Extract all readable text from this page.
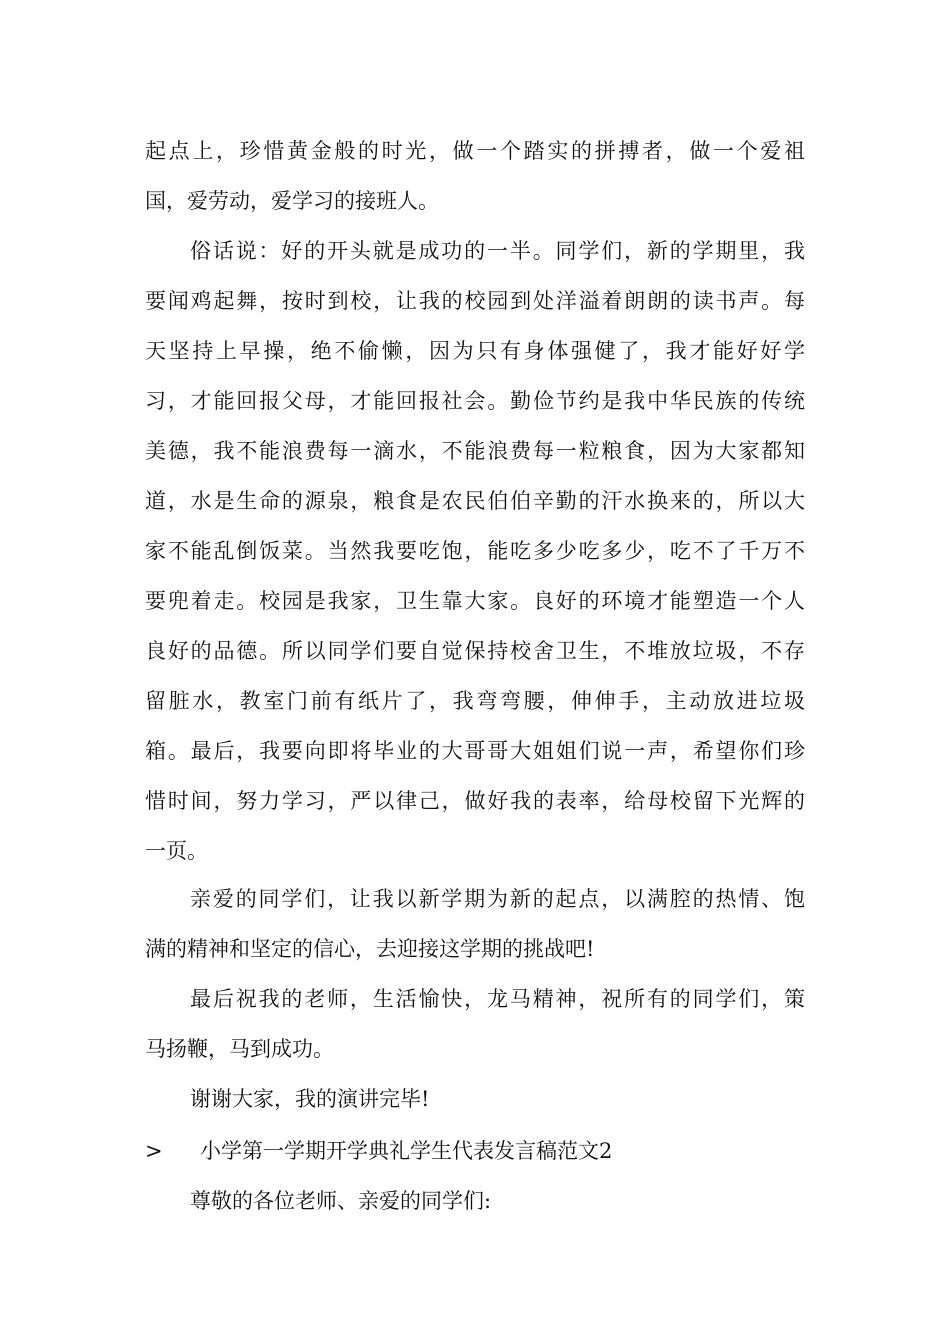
起点上，珍惜黄金般的时光，做一个踏实的拼搏者，做一个爱祖
国，爱劳动，爱学习的接班人。
俗话说：好的开头就是成功的一半。同学们，新的学期里，我
要闻鸡起舞，按时到校，让我的校园到处洋溢着朗朗的读书声。每
天坚持上早操，绝不偷懒，因为只有身体强健了，我才能好好学
习，才能回报父母，才能回报社会。勤俭节约是我中华民族的传统
美德，我不能浪费每一滴水，不能浪费每一粒粮食，因为大家都知
道，水是生命的源泉，粮食是农民伯伯辛勤的汗水换来的，所以大
家不能乱倒饭菜。当然我要吃饱，能吃多少吃多少，吃不了千万不
要兜着走。校园是我家，卫生靠大家。良好的环境才能塑造一个人
良好的品德。所以同学们要自觉保持校舍卫生，不堆放垃圾，不存
留脏水，教室门前有纸片了，我弯弯腰，伸伸手，主动放进垃圾
箱。最后，我要向即将毕业的大哥哥大姐姐们说一声，希望你们珍
惜时间，努力学习，严以律己，做好我的表率，给母校留下光辉的
一页。
亲爱的同学们，让我以新学期为新的起点，以满腔的热情、饱
满的精神和坚定的信心，去迎接这学期的挑战吧!
最后祝我的老师，生活愉快，龙马精神，祝所有的同学们，策
马扬鞭，马到成功。
谢谢大家，我的演讲完毕!
> 小学第一学期开学典礼学生代表发言稿范文2
尊敬的各位老师、亲爱的同学们:
